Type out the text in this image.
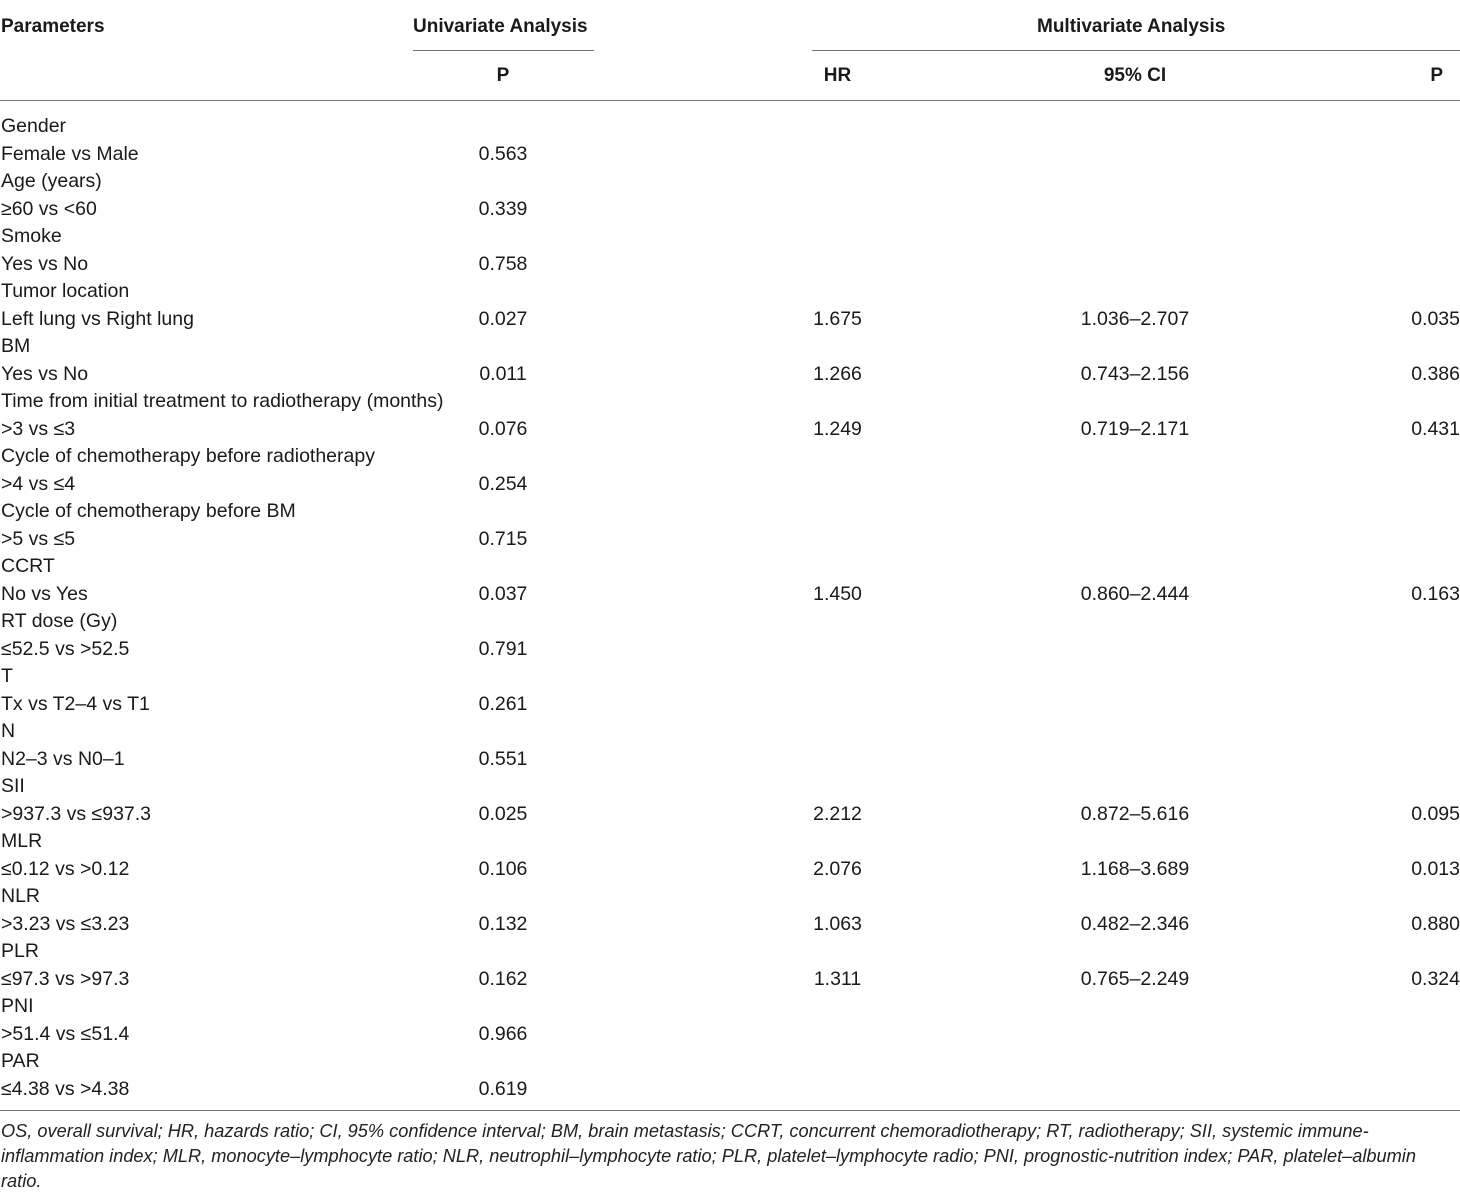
Parameters	Univariate Analysis	Multivariate Analysis
P	HR	95% CI	P
Gender
Female vs Male	0.563
Age (years)
≥60 vs <60	0.339
Smoke
Yes vs No	0.758
Tumor location
Left lung vs Right lung	0.027	1.675	1.036–2.707	0.035
BM
Yes vs No	0.011	1.266	0.743–2.156	0.386
Time from initial treatment to radiotherapy (months)
>3 vs ≤3	0.076	1.249	0.719–2.171	0.431
Cycle of chemotherapy before radiotherapy
>4 vs ≤4	0.254
Cycle of chemotherapy before BM
>5 vs ≤5	0.715
CCRT
No vs Yes	0.037	1.450	0.860–2.444	0.163
RT dose (Gy)
≤52.5 vs >52.5	0.791
T
Tx vs T2–4 vs T1	0.261
N
N2–3 vs N0–1	0.551
SII
>937.3 vs ≤937.3	0.025	2.212	0.872–5.616	0.095
MLR
≤0.12 vs >0.12	0.106	2.076	1.168–3.689	0.013
NLR
>3.23 vs ≤3.23	0.132	1.063	0.482–2.346	0.880
PLR
≤97.3 vs >97.3	0.162	1.311	0.765–2.249	0.324
PNI
>51.4 vs ≤51.4	0.966
PAR
≤4.38 vs >4.38	0.619
OS, overall survival; HR, hazards ratio; CI, 95% confidence interval; BM, brain metastasis; CCRT, concurrent chemoradiotherapy; RT, radiotherapy; SII, systemic immune-inflammation index; MLR, monocyte–lymphocyte ratio; NLR, neutrophil–lymphocyte ratio; PLR, platelet–lymphocyte radio; PNI, prognostic-nutrition index; PAR, platelet–albumin ratio.
